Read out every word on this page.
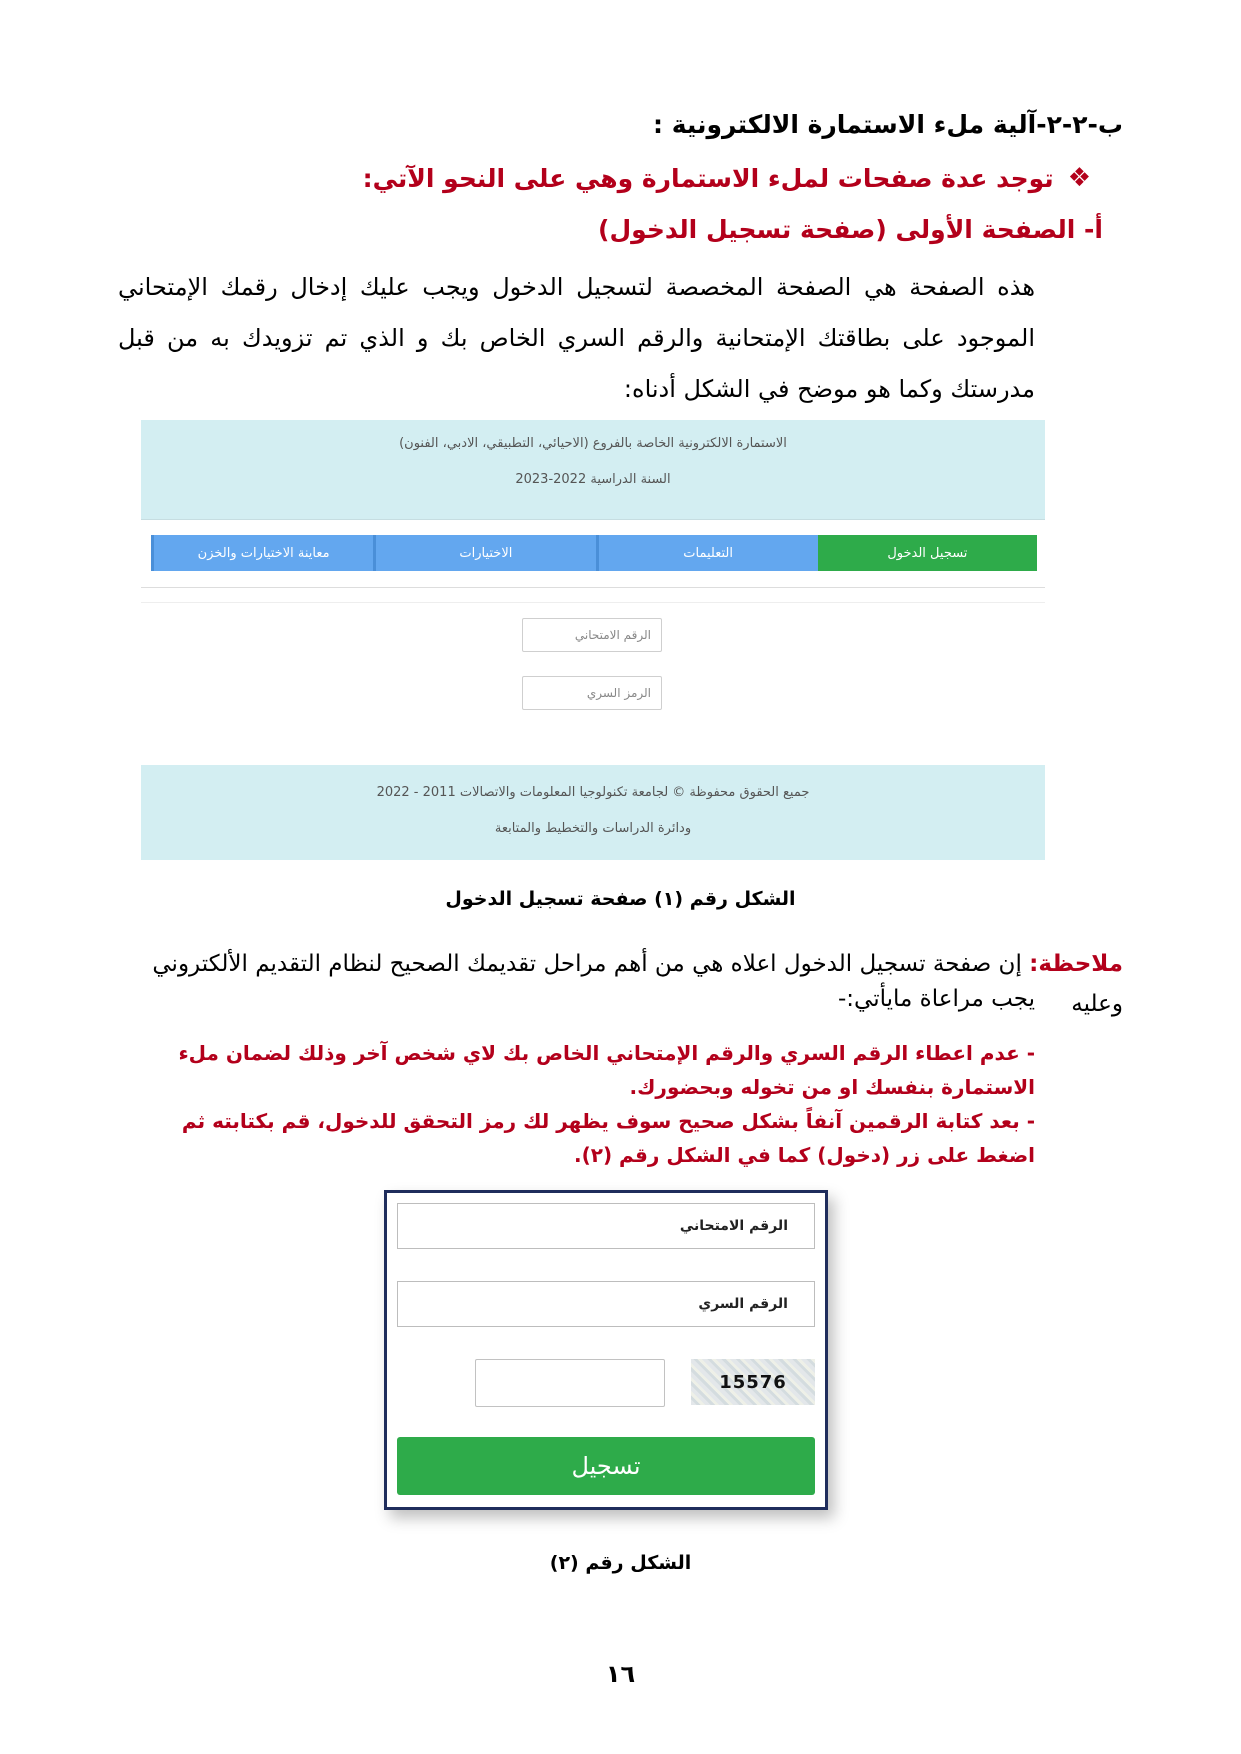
ب-٢-٢-آلية ملء الاستمارة الالكترونية :
❖
توجد عدة صفحات لملء الاستمارة وهي على النحو الآتي:
أ- الصفحة الأولى (صفحة تسجيل الدخول)
هذه الصفحة هي الصفحة المخصصة لتسجيل الدخول ويجب عليك إدخال رقمك الإمتحاني الموجود على بطاقتك الإمتحانية والرقم السري الخاص بك و الذي تم تزويدك به من قبل مدرستك وكما هو موضح في الشكل أدناه:
الاستمارة الالكترونية الخاصة بالفروع (الاحيائي، التطبيقي، الادبي، الفنون)
السنة الدراسية 2022-2023
تسجيل الدخول
التعليمات
الاختيارات
معاينة الاختيارات والخزن
الرقم الامتحاني
الرمز السري
جميع الحقوق محفوظة © لجامعة تكنولوجيا المعلومات والاتصالات 2011 - 2022
ودائرة الدراسات والتخطيط والمتابعة
الشكل رقم (١) صفحة تسجيل الدخول
ملاحظة: إن صفحة تسجيل الدخول اعلاه هي من أهم مراحل تقديمك الصحيح لنظام التقديم الألكتروني وعليه
يجب مراعاة مايأتي:-
- عدم اعطاء الرقم السري والرقم الإمتحاني الخاص بك لاي شخص آخر وذلك لضمان ملء الاستمارة بنفسك او من تخوله وبحضورك.
- بعد كتابة الرقمين آنفاً بشكل صحيح سوف يظهر لك رمز التحقق للدخول، قم بكتابته ثم اضغط على زر (دخول) كما في الشكل رقم (٢).
الرقم الامتحاني
الرقم السري
15576
تسجيل
الشكل رقم (٢)
١٦
